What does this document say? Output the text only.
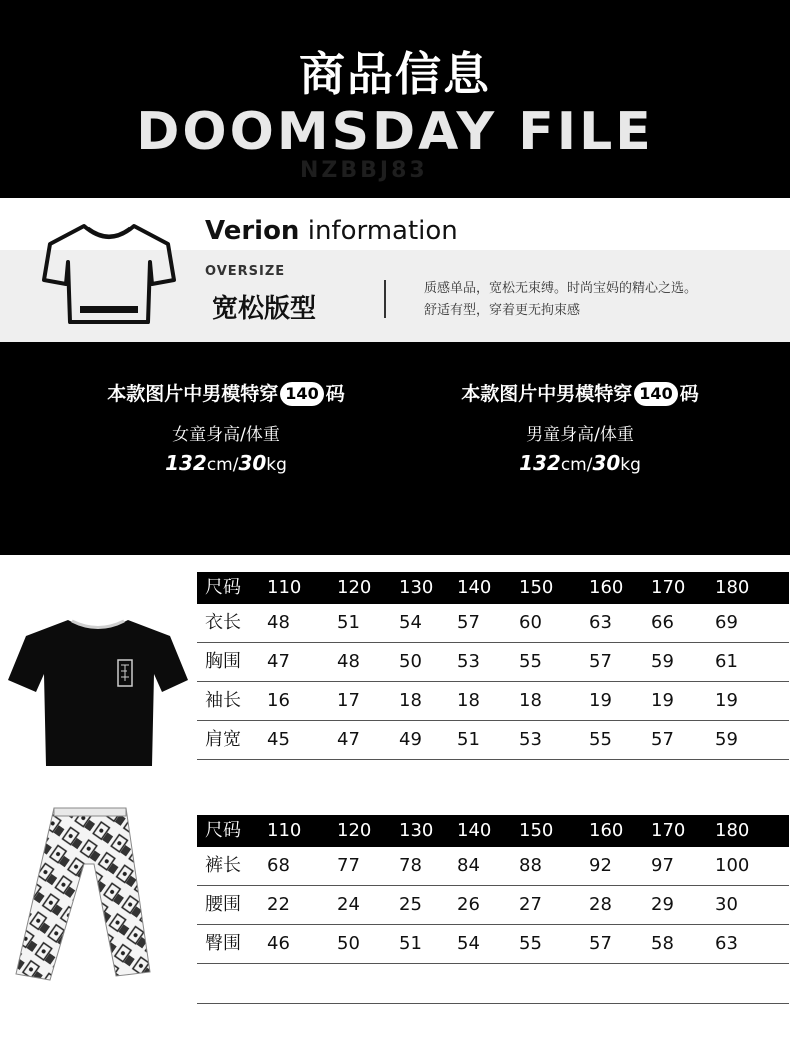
商品信息
DOOMSDAY FILE
NZBBJ83
Verion information
OVERSIZE
宽松版型
质感单品，宽松无束缚。时尚宝妈的精心之选。
舒适有型，穿着更无拘束感
本款图片中男模特穿 140 码
女童身高/体重
132cm/30kg
本款图片中男模特穿 140 码
男童身高/体重
132cm/30kg
尺码 110 120 130 140 150 160 170 180
衣长 48	51 54 57 60	63 66 69
胸围 47	48 50 53 55	57 59 61
袖长 16	17 18 18 18	19 19 19
肩宽 45	47 49 51 53	55 57 59
尺码 110 120 130 140 150 160 170 180
裤长 68	77 78 84 88	92 97 100
腰围 22	24 25 26 27	28 29 30
臀围 46	50 51 54 55	57 58 63
